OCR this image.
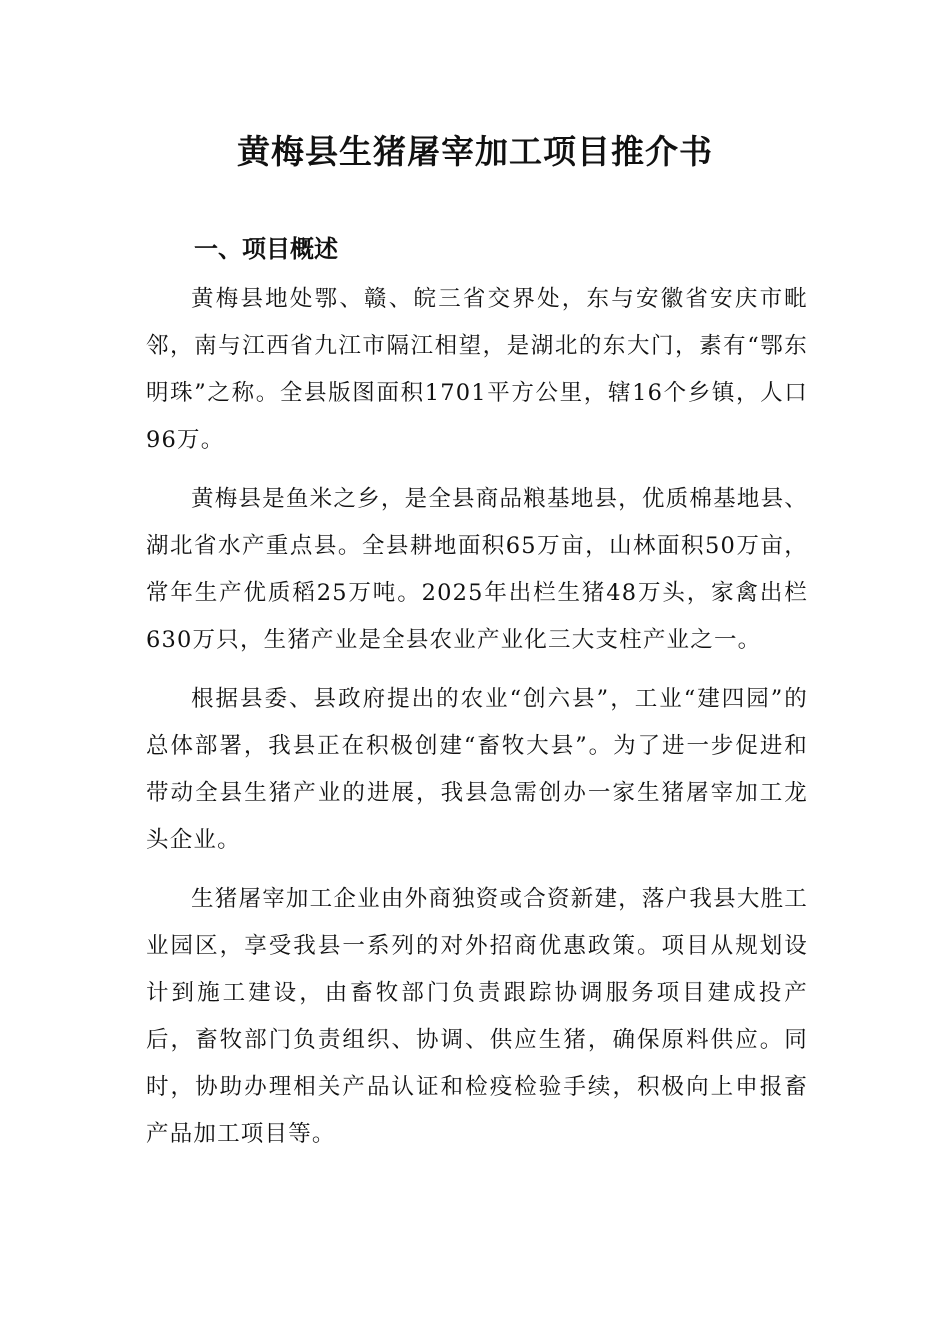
黄梅县生猪屠宰加工项目推介书
一、项目概述

黄梅县地处鄂、赣、皖三省交界处，东与安徽省安庆市毗邻，南与江西省九江市隔江相望，是湖北的东大门，素有“鄂东明珠”之称。全县版图面积1701平方公里，辖16个乡镇，人口96万。

黄梅县是鱼米之乡，是全县商品粮基地县，优质棉基地县、湖北省水产重点县。全县耕地面积65万亩，山林面积50万亩，常年生产优质稻25万吨。2025年出栏生猪48万头，家禽出栏630万只，生猪产业是全县农业产业化三大支柱产业之一。

根据县委、县政府提出的农业“创六县”，工业“建四园”的总体部署，我县正在积极创建“畜牧大县”。为了进一步促进和带动全县生猪产业的进展，我县急需创办一家生猪屠宰加工龙头企业。

生猪屠宰加工企业由外商独资或合资新建，落户我县大胜工业园区，享受我县一系列的对外招商优惠政策。项目从规划设计到施工建设，由畜牧部门负责跟踪协调服务项目建成投产后，畜牧部门负责组织、协调、供应生猪，确保原料供应。同时，协助办理相关产品认证和检疫检验手续，积极向上申报畜产品加工项目等。
